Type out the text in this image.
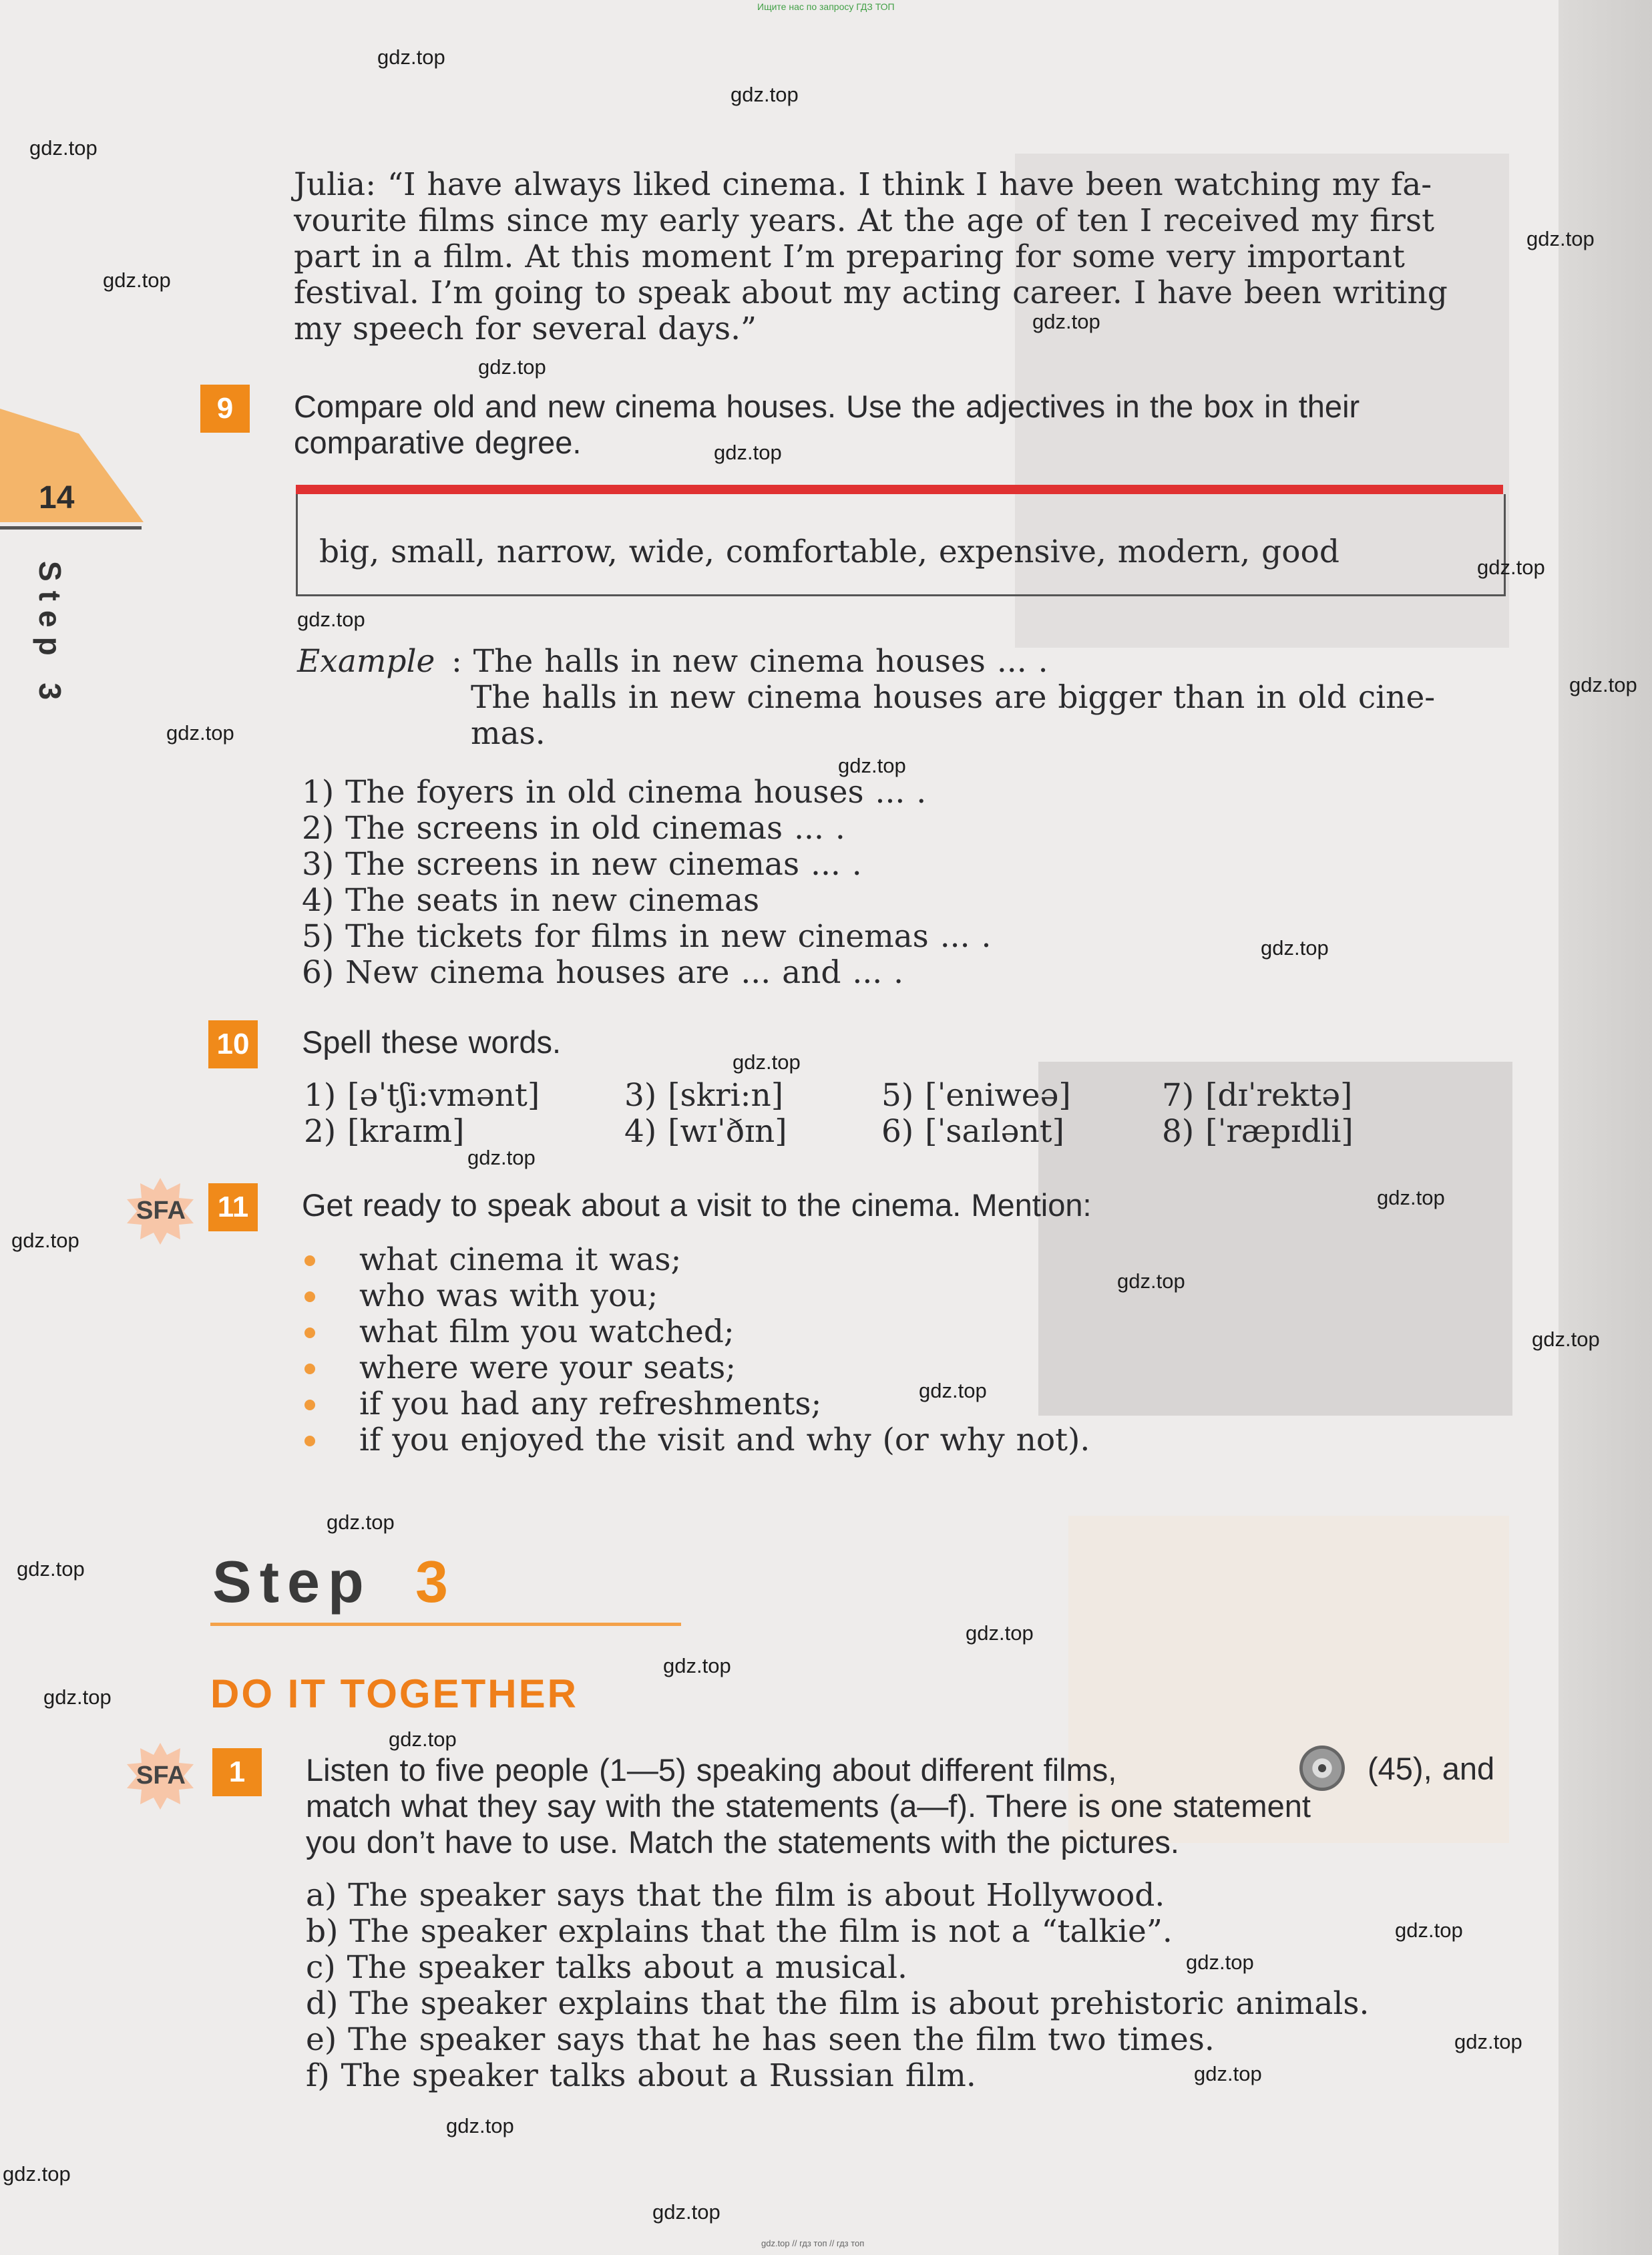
Ищите нас по запросу ГДЗ ТОП
14
Step 3

Julia: “I have always liked cinema. I think I have been watching my fa-

vourite films since my early years. At the age of ten I received my first

part in a film. At this moment I’m preparing for some very important

festival. I’m going to speak about my acting career. I have been writing

my speech for several days.”

9	Compare old and new cinema houses. Use the adjectives in the box in their

comparative degree.

big, small, narrow, wide, comfortable, expensive, modern, good

Example : The halls in new cinema houses ... .

The halls in new cinema houses are bigger than in old cine-

mas.

1) The foyers in old cinema houses ... .

2) The screens in old cinemas ... .

3) The screens in new cinemas ... .

4) The seats in new cinemas

5) The tickets for films in new cinemas ... .

6) New cinema houses are ... and ... .

10 Spell these words.

1) [əˈtʃi:vmənt]	3) [skri:n]	5) [ˈeniweə]	7) [dɪˈrektə]

2) [kraɪm]	4) [wɪˈðɪn]	6) [ˈsaɪlənt]	8) [ˈræpɪdli]

SFA	11 Get ready to speak about a visit to the cinema. Mention:

what cinema it was;

who was with you;

what film you watched;

where were your seats;

if you had any refreshments;

if you enjoyed the visit and why (or why not).

Step 3
DO IT TOGETHER
SFA	1	Listen to five people (1—5) speaking about different films,	(45), and

match what they say with the statements (a—f). There is one statement

you don’t have to use. Match the statements with the pictures.

a) The speaker says that the film is about Hollywood.

b) The speaker explains that the film is not a “talkie”.

c) The speaker talks about a musical.

d) The speaker explains that the film is about prehistoric animals.

e) The speaker says that he has seen the film two times.

f) The speaker talks about a Russian film.

gdz.top
gdz.top
gdz.top
gdz.top
gdz.top
gdz.top
gdz.top
gdz.top
gdz.top
gdz.top
gdz.top
gdz.top
gdz.top
gdz.top
gdz.top
gdz.top
gdz.top
gdz.top
gdz.top
gdz.top
gdz.top
gdz.top
gdz.top
gdz.top
gdz.top
gdz.top
gdz.top
gdz.top
gdz.top
gdz.top
gdz.top
gdz.top
gdz.top
gdz.top
gdz.top // гдз топ // гдз топ
